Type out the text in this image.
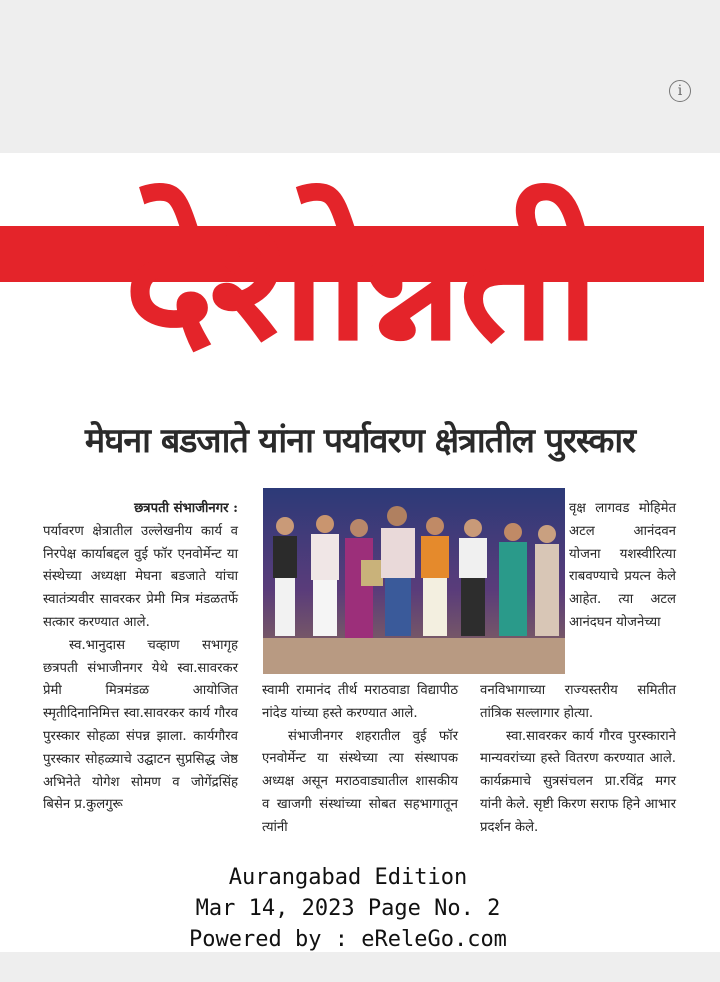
i
देशोन्नती
मेघना बडजाते यांना पर्यावरण क्षेत्रातील पुरस्कार

छत्रपती संभाजीनगर :

पर्यावरण क्षेत्रातील उल्लेखनीय कार्य व निरपेक्ष कार्याबद्दल वुई फॉर एनवोर्मेन्ट या संस्थेच्या अध्यक्षा मेघना बडजाते यांचा स्वातंत्र्यवीर सावरकर प्रेमी मित्र मंडळतर्फे सत्कार करण्यात आले.

स्व.भानुदास चव्हाण सभागृह छत्रपती संभाजीनगर येथे स्वा.सावरकर प्रेमी मित्रमंडळ आयोजित स्मृतीदिनानिमित्त स्वा.सावरकर कार्य गौरव पुरस्कार सोहळा संपन्न झाला. कार्यगौरव पुरस्कार सोहळ्याचे उद्घाटन सुप्रसिद्ध जेष्ठ अभिनेते योगेश सोमण व जोगेंद्रसिंह बिसेन प्र.कुलगुरू

स्वामी रामानंद तीर्थ मराठवाडा विद्यापीठ नांदेड यांच्या हस्ते करण्यात आले.

संभाजीनगर शहरातील वुई फॉर एनवोर्मेन्ट या संस्थेच्या त्या संस्थापक अध्यक्ष असून मराठवाड्यातील शासकीय व खाजगी संस्थांच्या सोबत सहभागातून त्यांनी

वृक्ष लागवड मोहिमेत अटल आनंदवन योजना यशस्वीरित्या राबवण्याचे प्रयत्न केले आहेत. त्या अटल आनंदघन योजनेच्या

वनविभागाच्या राज्यस्तरीय समितीत तांत्रिक सल्लागार होत्या.

स्वा.सावरकर कार्य गौरव पुरस्काराने मान्यवरांच्या हस्ते वितरण करण्यात आले. कार्यक्रमाचे सुत्रसंचलन प्रा.रविंद्र मगर यांनी केले. सृष्टी किरण सराफ हिने आभार प्रदर्शन केले.

Aurangabad Edition
Mar 14, 2023 Page No. 2
Powered by : eReleGo.com
